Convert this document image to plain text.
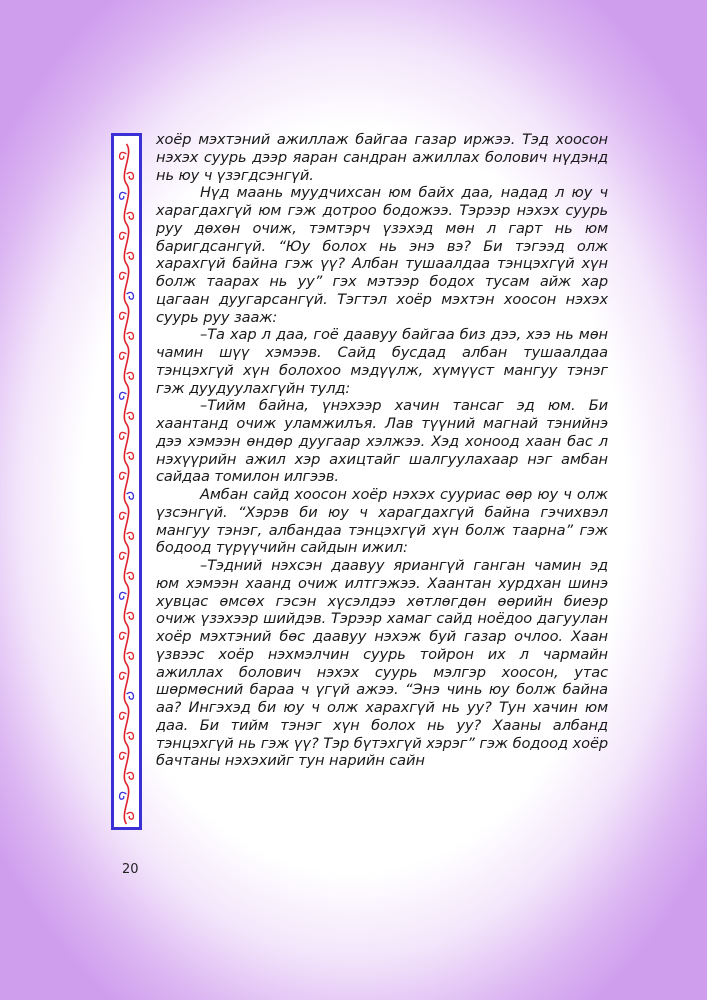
хоёр мэхтэний ажиллаж байгаа газар иржээ. Тэд хоосон нэхэх суурь дээр яаран сандран ажиллах болович нүдэнд нь юу ч үзэгдсэнгүй.

Нүд маань муудчихсан юм байх даа, надад л юу ч харагдахгүй юм гэж дотроо бодожээ. Тэрээр нэхэх суурь руу дөхөн очиж, тэмтэрч үзэхэд мөн л гарт нь юм баригдсангүй. “Юу болох нь энэ вэ? Би тэгээд олж харахгүй байна гэж үү? Албан тушаалдаа тэнцэхгүй хүн болж таарах нь уу” гэх мэтээр бодох тусам айж хар цагаан дуугарсангүй. Тэгтэл хоёр мэхтэн хоосон нэхэх суурь руу зааж:

–Та хар л даа, гоё даавуу байгаа биз дээ, хээ нь мөн чамин шүү хэмээв. Сайд бусдад албан тушаалдаа тэнцэхгүй хүн болохоо мэдүүлж, хүмүүст мангуу тэнэг гэж дуудуулахгүйн тулд:

–Тийм байна, үнэхээр хачин тансаг эд юм. Би хаантанд очиж уламжилъя. Лав түүний магнай тэнийнэ дээ хэмээн өндөр дуугаар хэлжээ. Хэд хоноод хаан бас л нэхүүрийн ажил хэр ахицтайг шалгуулахаар нэг амбан сайдаа томилон илгээв.

Амбан сайд хоосон хоёр нэхэх сууриас өөр юу ч олж үзсэнгүй. “Хэрэв би юу ч харагдахгүй байна гэчихвэл мангуу тэнэг, албандаа тэнцэхгүй хүн болж таарна” гэж бодоод түрүүчийн сайдын ижил:

–Тэдний нэхсэн даавуу яриангүй ганган чамин эд юм хэмээн хаанд очиж илтгэжээ. Хаантан хурдхан шинэ хувцас өмсөх гэсэн хүсэлдээ хөтлөгдөн өөрийн биеэр очиж үзэхээр шийдэв. Тэрээр хамаг сайд ноёдоо дагуулан хоёр мэхтэний бөс даавуу нэхэж буй газар очлоо. Хаан үзвээс хоёр нэхмэлчин суурь тойрон их л чармайн ажиллах болович нэхэх суурь мэлгэр хоосон, утас шөрмөсний бараа ч үгүй ажээ. “Энэ чинь юу болж байна аа? Ингэхэд би юу ч олж харахгүй нь уу? Тун хачин юм даа. Би тийм тэнэг хүн болох нь уу? Хааны албанд тэнцэхгүй нь гэж үү? Тэр бүтэхгүй хэрэг” гэж бодоод хоёр бачтаны нэхэхийг тун нарийн сайн

20
